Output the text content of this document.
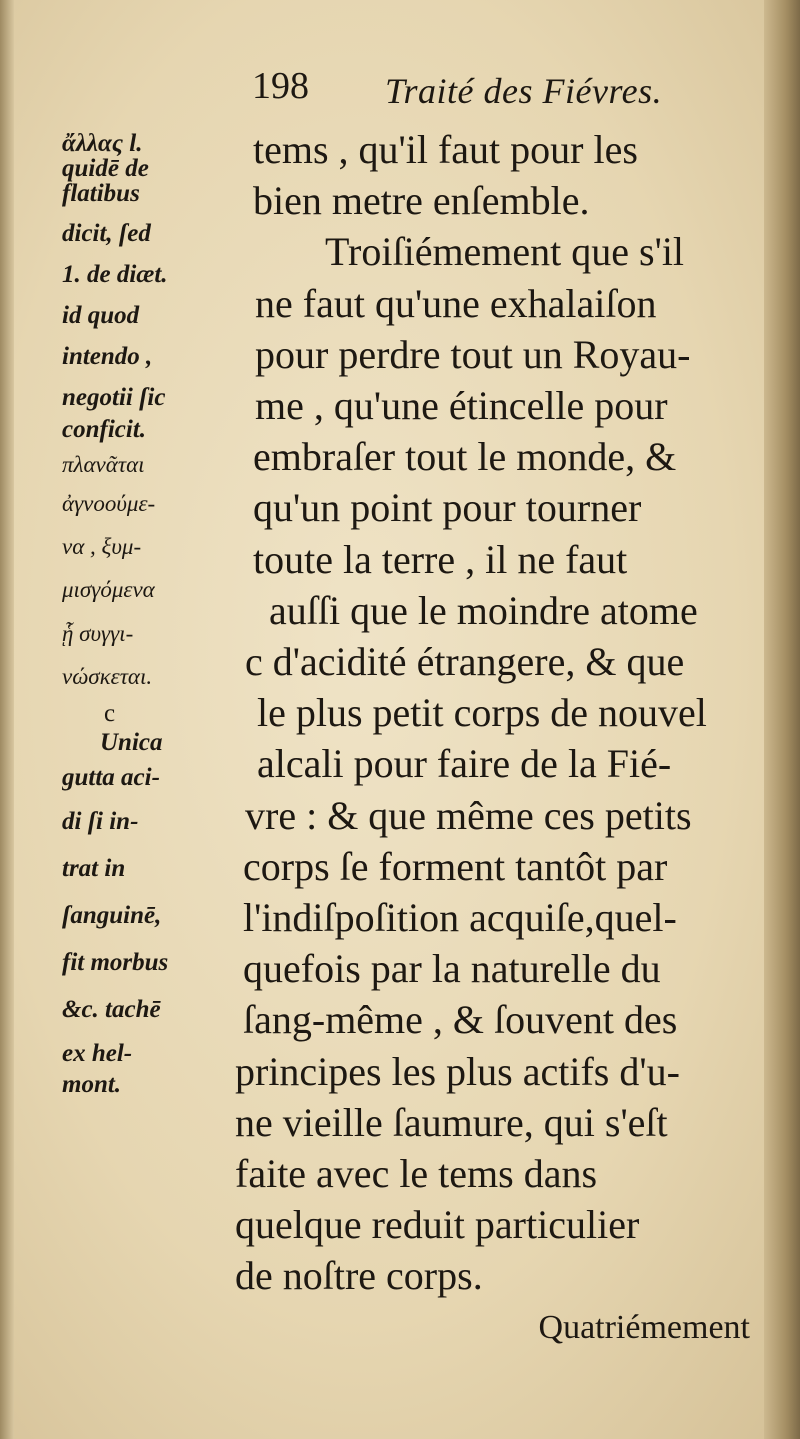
198 Traité des Fiévres.
ἄλλας l.
quidē de
flatibus
dicit, ſed
1. de diæt.
id quod
intendo ,
negotii ſic
conficit.
πλανᾶται
ἀγνοούμε-
να , ξυμ-
μισγόμενα
ᾗ συγγι-
νώσκεται.
c
Unica
gutta aci-
di ſi in-
trat in
ſanguinē,
fit morbus
&c. tachē
ex hel-
mont.
tems , qu'il faut pour les
bien metre enſemble.
Troiſiémement que s'il
ne faut qu'une exhalaiſon
pour perdre tout un Royau-
me , qu'une étincelle pour
embraſer tout le monde, &
qu'un point pour tourner
toute la terre , il ne faut
auſſi que le moindre atome
c d'acidité étrangere, & que
le plus petit corps de nouvel
alcali pour faire de la Fié-
vre : & que même ces petits
corps ſe forment tantôt par
l'indiſpoſition acquiſe,quel-
quefois par la naturelle du
ſang-même , & ſouvent des
principes les plus actifs d'u-
ne vieille ſaumure, qui s'eſt
faite avec le tems dans
quelque reduit particulier
de noſtre corps.
Quatriémement
